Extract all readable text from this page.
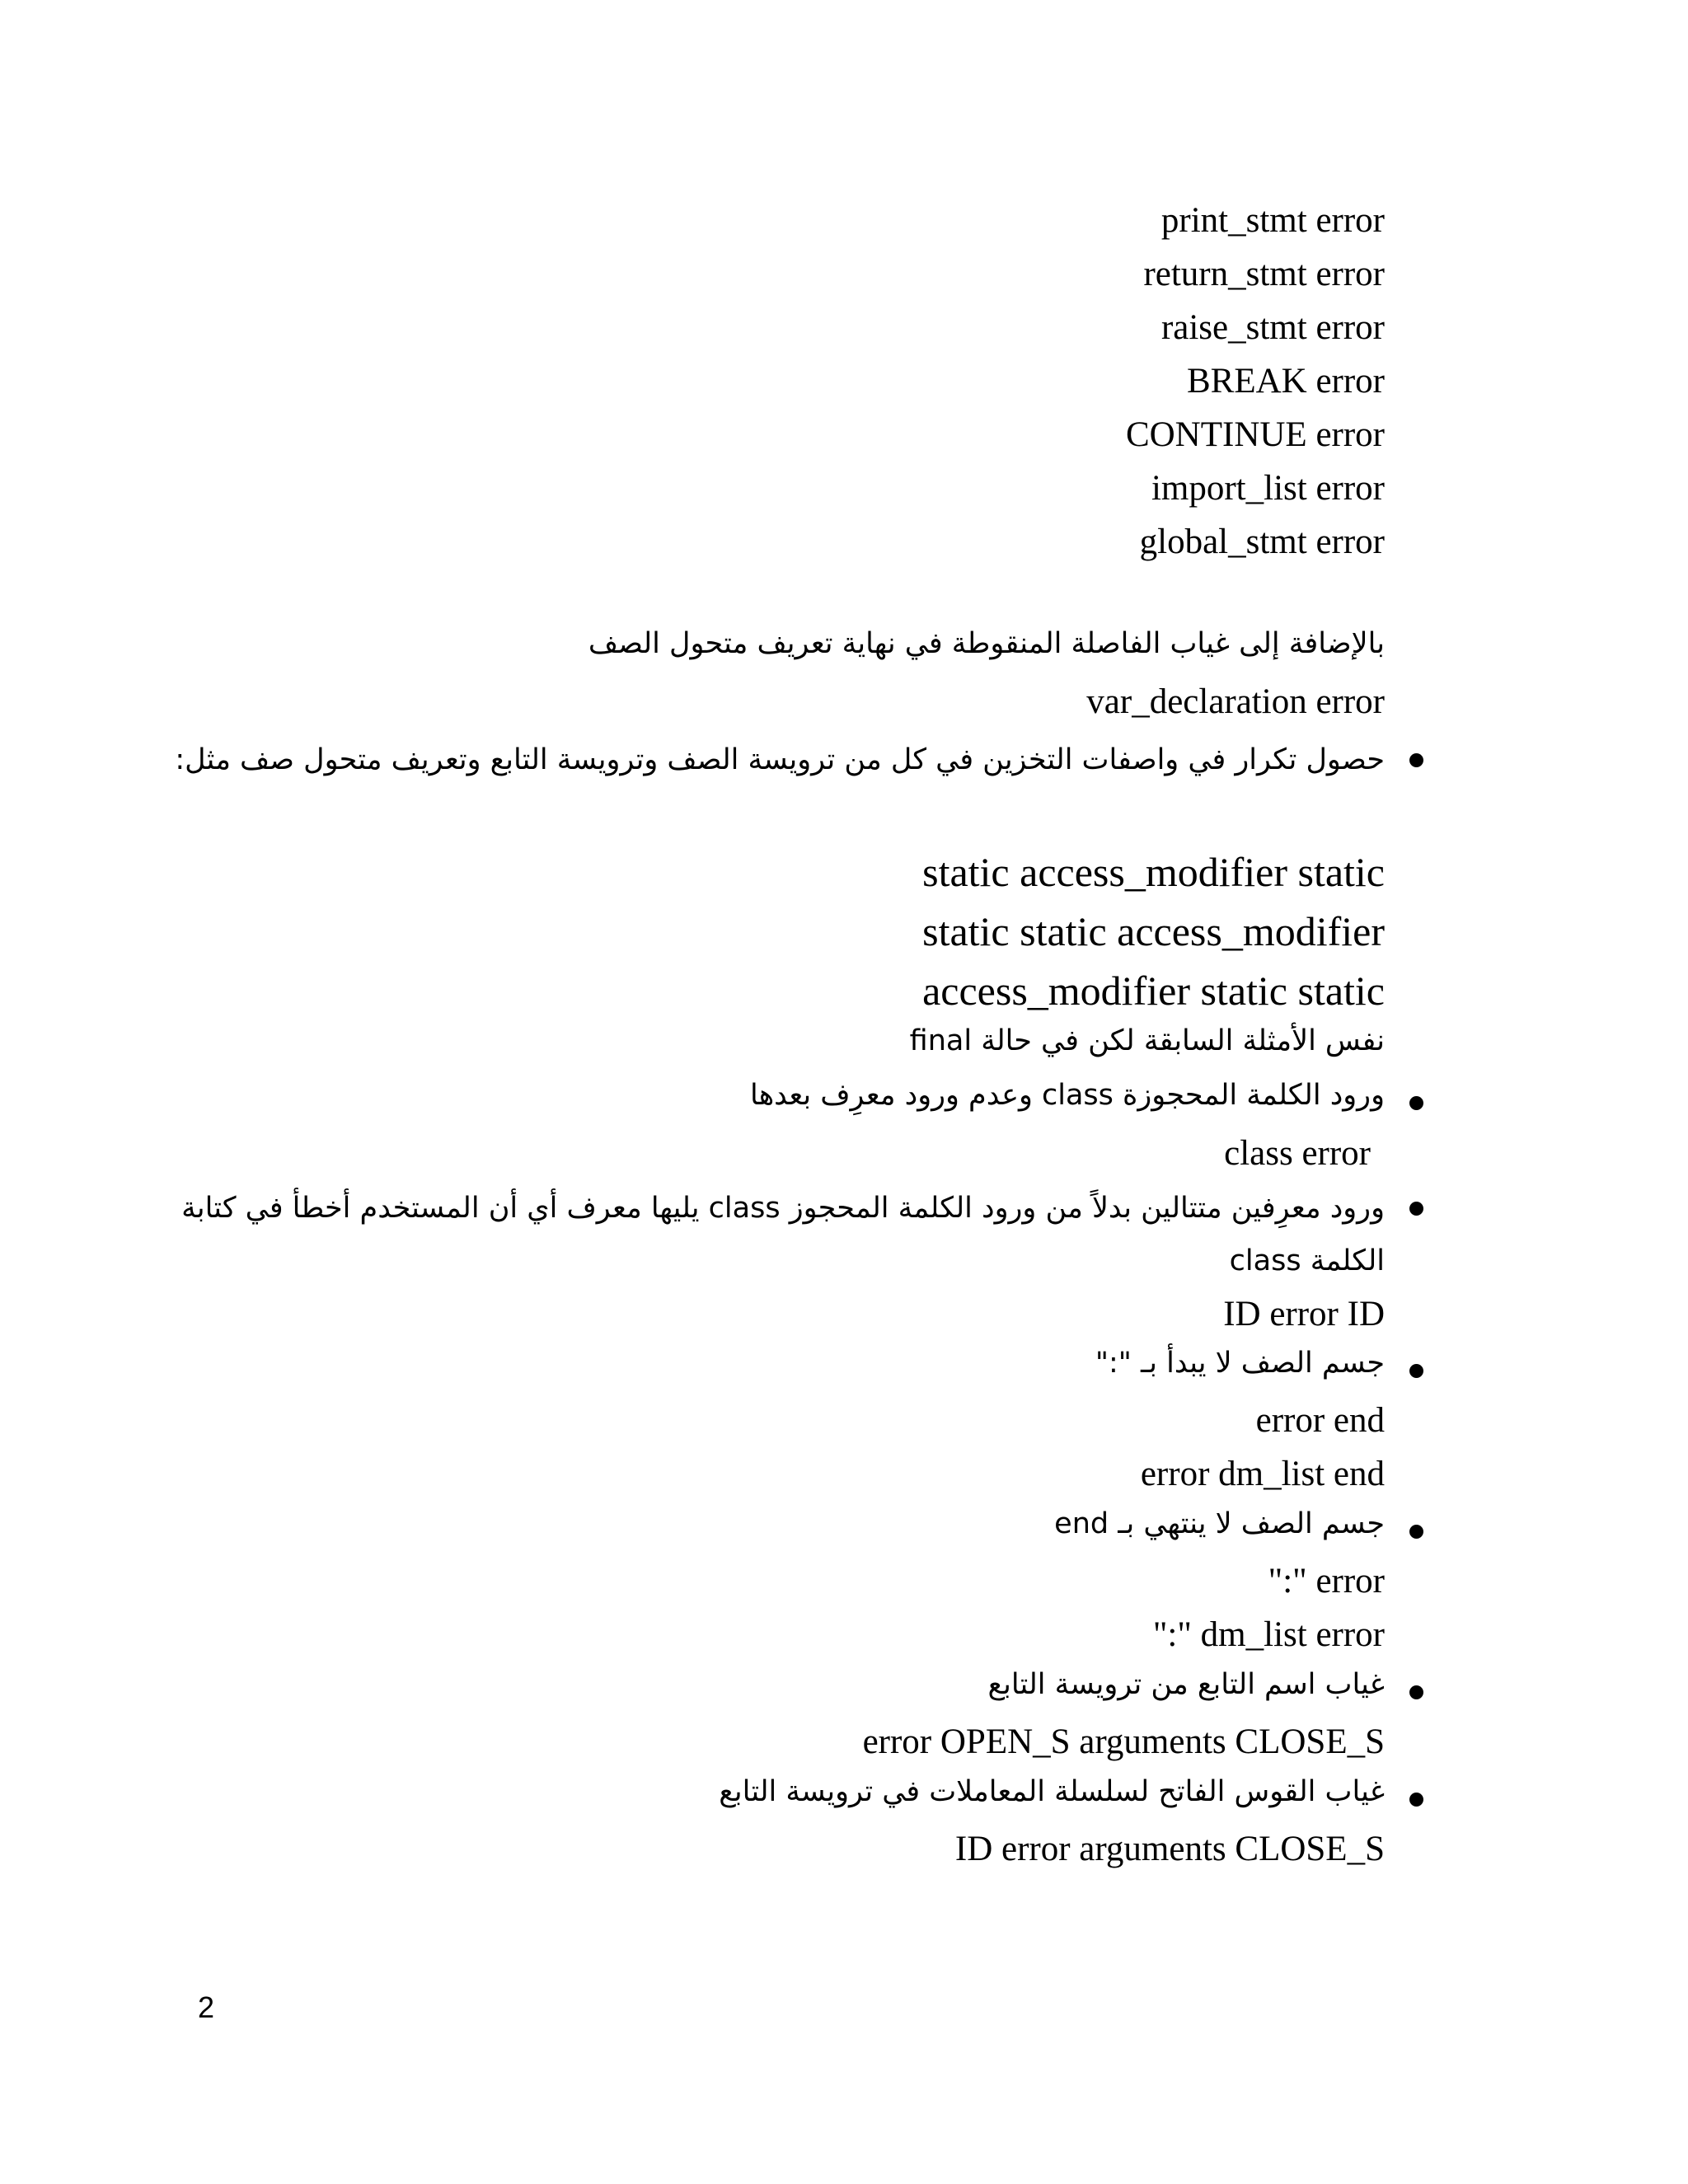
print_stmt error
return_stmt error
raise_stmt error
BREAK error
CONTINUE error
import_list error
global_stmt error
بالإضافة إلى غياب الفاصلة المنقوطة في نهاية تعريف متحول الصف
var_declaration error
حصول تكرار في واصفات التخزين في كل من ترويسة الصف وترويسة التابع وتعريف متحول صف مثل:
static access_modifier static
static static access_modifier
access_modifier static static
نفس الأمثلة السابقة لكن في حالة final
ورود الكلمة المحجوزة class وعدم ورود معرِف بعدها
class error
ورود معرِفين متتالين بدلاً من ورود الكلمة المحجوز class يليها معرف أي أن المستخدم أخطأ في كتابة الكلمة class
ID error ID
جسم الصف لا يبدأ بـ ":"
error end
error dm_list end
جسم الصف لا ينتهي بـ end
":" error
":" dm_list error
غياب اسم التابع من ترويسة التابع
error OPEN_S arguments CLOSE_S
غياب القوس الفاتح لسلسلة المعاملات في ترويسة التابع
ID error arguments CLOSE_S
2
